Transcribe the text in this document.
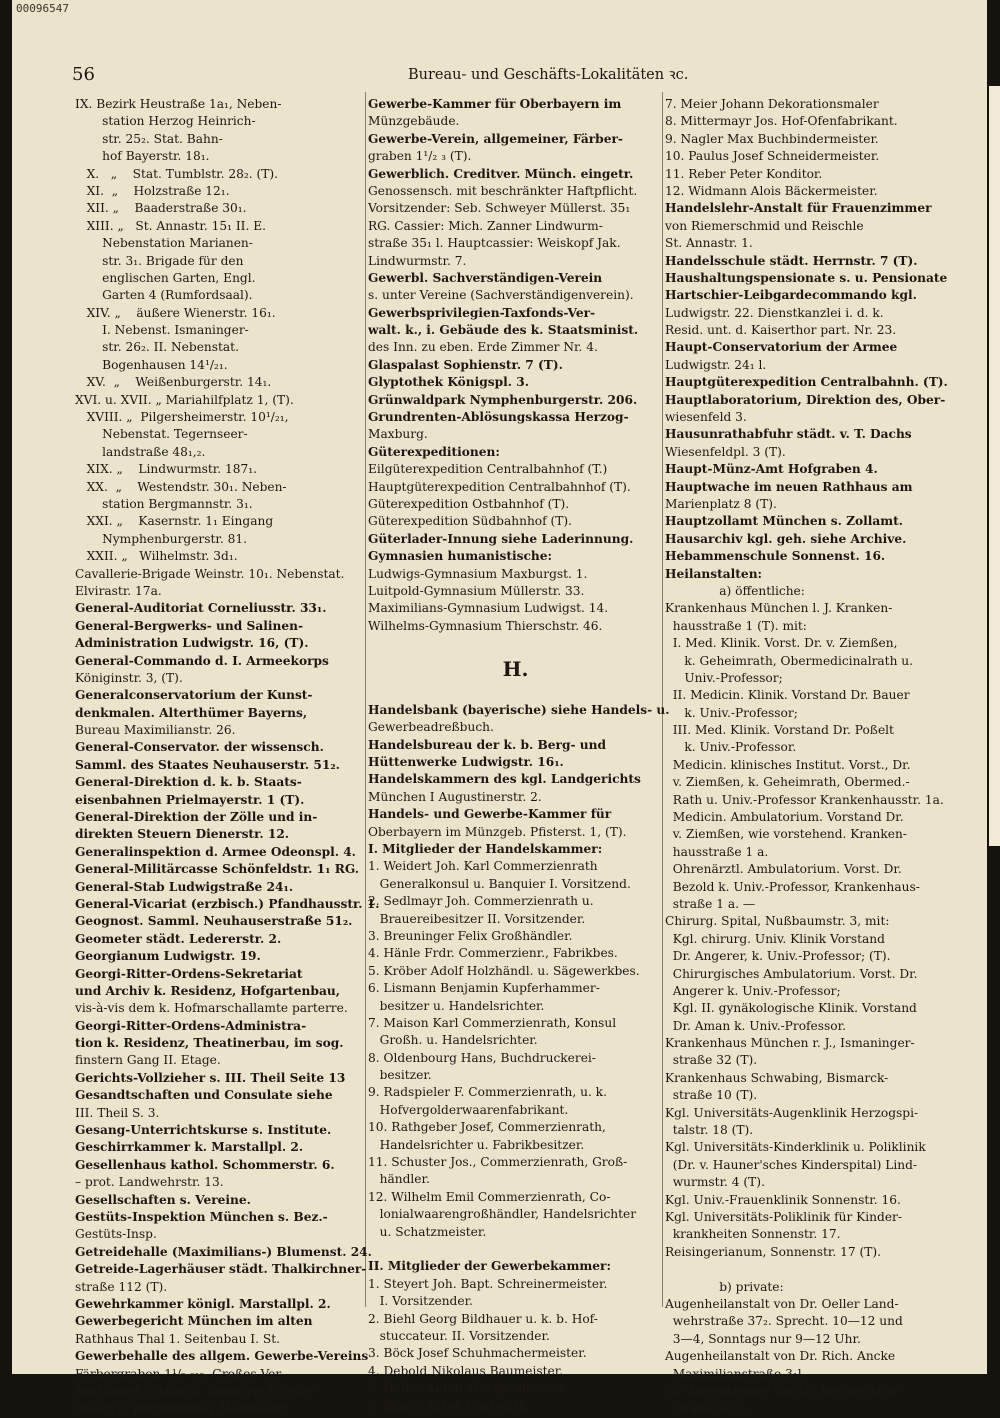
00096547
56	Bureau- und Geschäfts-Lokalitäten ꝛc.
IX. Bezirk Heustraße 1a₁, Neben-
station Herzog Heinrich-
str. 25₂. Stat. Bahn-
hof Bayerstr. 18₁.
X.   „    Stat. Tumblstr. 28₂. (T).
XI.  „    Holzstraße 12₁.
XII. „    Baaderstraße 30₁.
XIII. „   St. Annastr. 15₁ II. E.
Nebenstation Marianen-
str. 3₁. Brigade für den
englischen Garten, Engl.
Garten 4 (Rumfordsaal).
XIV. „    äußere Wienerstr. 16₁.
I. Nebenst. Ismaninger-
str. 26₂. II. Nebenstat.
Bogenhausen 14¹/₂₁.
XV.  „    Weißenburgerstr. 14₁.
XVI. u. XVII. „ Mariahilfplatz 1, (T).
XVIII. „  Pilgersheimerstr. 10¹/₂₁,
Nebenstat. Tegernseer-
landstraße 48₁,₂.
XIX. „    Lindwurmstr. 187₁.
XX.  „    Westendstr. 30₁. Neben-
station Bergmannstr. 3₁.
XXI. „    Kasernstr. 1₁ Eingang
Nymphenburgerstr. 81.
XXII. „   Wilhelmstr. 3d₁.
Cavallerie-Brigade Weinstr. 10₁. Nebenstat.
Elvirastr. 17a.
General-Auditoriat Corneliusstr. 33₁.
General-Bergwerks- und Salinen-
Administration Ludwigstr. 16, (T).
General-Commando d. I. Armeekorps
Königinstr. 3, (T).
Generalconservatorium der Kunst-
denkmalen. Alterthümer Bayerns,
Bureau Maximilianstr. 26.
General-Conservator. der wissensch.
Samml. des Staates Neuhauserstr. 51₂.
General-Direktion d. k. b. Staats-
eisenbahnen Prielmayerstr. 1 (T).
General-Direktion der Zölle und in-
direkten Steuern Dienerstr. 12.
Generalinspektion d. Armee Odeonspl. 4.
General-Militärcasse Schönfeldstr. 1₁ RG.
General-Stab Ludwigstraße 24₁.
General-Vicariat (erzbisch.) Pfandhausstr. 1.
Geognost. Samml. Neuhauserstraße 51₂.
Geometer städt. Ledererstr. 2.
Georgianum Ludwigstr. 19.
Georgi-Ritter-Ordens-Sekretariat
und Archiv k. Residenz, Hofgartenbau,
vis-à-vis dem k. Hofmarschallamte parterre.
Georgi-Ritter-Ordens-Administra-
tion k. Residenz, Theatinerbau, im sog.
finstern Gang II. Etage.
Gerichts-Vollzieher s. III. Theil Seite 13
Gesandtschaften und Consulate siehe
III. Theil S. 3.
Gesang-Unterrichtskurse s. Institute.
Geschirrkammer k. Marstallpl. 2.
Gesellenhaus kathol. Schommerstr. 6.
– prot. Landwehrstr. 13.
Gesellschaften s. Vereine.
Gestüts-Inspektion München s. Bez.-
Gestüts-Insp.
Getreidehalle (Maximilians-) Blumenst. 24.
Getreide-Lagerhäuser städt. Thalkirchner-
straße 112 (T).
Gewehrkammer königl. Marstallpl. 2.
Gewerbegericht München im alten
Rathhaus Thal 1. Seitenbau I. St.
Gewerbehalle des allgem. Gewerbe-Vereins
Färbergraben 1¹/₂ ₀₁₂. Großes Ver-
kaufslager v. Münch. Industrie-Erzeug-
nissen u. permanentes Möbellager.
Gewerbe-Kammer für Oberbayern im
Münzgebäude.
Gewerbe-Verein, allgemeiner, Färber-
graben 1¹/₂ ₃ (T).
Gewerblich. Creditver. Münch. eingetr.
Genossensch. mit beschränkter Haftpflicht.
Vorsitzender: Seb. Schweyer Müllerst. 35₁
RG. Cassier: Mich. Zanner Lindwurm-
straße 35₁ l. Hauptcassier: Weiskopf Jak.
Lindwurmstr. 7.
Gewerbl. Sachverständigen-Verein
s. unter Vereine (Sachverständigenverein).
Gewerbsprivilegien-Taxfonds-Ver-
walt. k., i. Gebäude des k. Staatsminist.
des Inn. zu eben. Erde Zimmer Nr. 4.
Glaspalast Sophienstr. 7 (T).
Glyptothek Königspl. 3.
Grünwaldpark Nymphenburgerstr. 206.
Grundrenten-Ablösungskassa Herzog-
Maxburg.
Güterexpeditionen:
Eilgüterexpedition Centralbahnhof (T.)
Hauptgüterexpedition Centralbahnhof (T).
Güterexpedition Ostbahnhof (T).
Güterexpedition Südbahnhof (T).
Güterlader-Innung siehe Laderinnung.
Gymnasien humanistische:
Ludwigs-Gymnasium Maxburgst. 1.
Luitpold-Gymnasium Müllerstr. 33.
Maximilians-Gymnasium Ludwigst. 14.
Wilhelms-Gymnasium Thierschstr. 46.
H.
Handelsbank (bayerische) siehe Handels- u.
Gewerbeadreßbuch.
Handelsbureau der k. b. Berg- und
Hüttenwerke Ludwigstr. 16₁.
Handelskammern des kgl. Landgerichts
München I Augustinerstr. 2.
Handels- und Gewerbe-Kammer für
Oberbayern im Münzgeb. Pfisterst. 1, (T).
I. Mitglieder der Handelskammer:
1. Weidert Joh. Karl Commerzienrath
Generalkonsul u. Banquier I. Vorsitzend.
2. Sedlmayr Joh. Commerzienrath u.
Brauereibesitzer II. Vorsitzender.
3. Breuninger Felix Großhändler.
4. Hänle Frdr. Commerzienr., Fabrikbes.
5. Kröber Adolf Holzhändl. u. Sägewerkbes.
6. Lismann Benjamin Kupferhammer-
besitzer u. Handelsrichter.
7. Maison Karl Commerzienrath, Konsul
Großh. u. Handelsrichter.
8. Oldenbourg Hans, Buchdruckerei-
besitzer.
9. Radspieler F. Commerzienrath, u. k.
Hofvergolderwaarenfabrikant.
10. Rathgeber Josef, Commerzienrath,
Handelsrichter u. Fabrikbesitzer.
11. Schuster Jos., Commerzienrath, Groß-
händler.
12. Wilhelm Emil Commerzienrath, Co-
lonialwaarengroßhändler, Handelsrichter
u. Schatzmeister.
II. Mitglieder der Gewerbekammer:
1. Steyert Joh. Bapt. Schreinermeister.
I. Vorsitzender.
2. Biehl Georg Bildhauer u. k. b. Hof-
stuccateur. II. Vorsitzender.
3. Böck Josef Schuhmachermeister.
4. Debold Nikolaus Baumeister.
5. Heiler Anton Metzgermeister.
6. Knaus Anton Gastwirth.
7. Meier Johann Dekorationsmaler
8. Mittermayr Jos. Hof-Ofenfabrikant.
9. Nagler Max Buchbindermeister.
10. Paulus Josef Schneidermeister.
11. Reber Peter Konditor.
12. Widmann Alois Bäckermeister.
Handelslehr-Anstalt für Frauenzimmer
von Riemerschmid und Reischle
St. Annastr. 1.
Handelsschule städt. Herrnstr. 7 (T).
Haushaltungspensionate s. u. Pensionate
Hartschier-Leibgardecommando kgl.
Ludwigstr. 22. Dienstkanzlei i. d. k.
Resid. unt. d. Kaiserthor part. Nr. 23.
Haupt-Conservatorium der Armee
Ludwigstr. 24₁ l.
Hauptgüterexpedition Centralbahnh. (T).
Hauptlaboratorium, Direktion des, Ober-
wiesenfeld 3.
Hausunrathabfuhr städt. v. T. Dachs
Wiesenfeldpl. 3 (T).
Haupt-Münz-Amt Hofgraben 4.
Hauptwache im neuen Rathhaus am
Marienplatz 8 (T).
Hauptzollamt München s. Zollamt.
Hausarchiv kgl. geh. siehe Archive.
Hebammenschule Sonnenst. 16.
Heilanstalten:
a) öffentliche:
Krankenhaus München l. J. Kranken-
hausstraße 1 (T). mit:
I. Med. Klinik. Vorst. Dr. v. Ziemßen,
k. Geheimrath, Obermedicinalrath u.
Univ.-Professor;
II. Medicin. Klinik. Vorstand Dr. Bauer
k. Univ.-Professor;
III. Med. Klinik. Vorstand Dr. Poßelt
k. Univ.-Professor.
Medicin. klinisches Institut. Vorst., Dr.
v. Ziemßen, k. Geheimrath, Obermed.-
Rath u. Univ.-Professor Krankenhausstr. 1a.
Medicin. Ambulatorium. Vorstand Dr.
v. Ziemßen, wie vorstehend. Kranken-
hausstraße 1 a.
Ohrenärztl. Ambulatorium. Vorst. Dr.
Bezold k. Univ.-Professor, Krankenhaus-
straße 1 a. —
Chirurg. Spital, Nußbaumstr. 3, mit:
Kgl. chirurg. Univ. Klinik Vorstand
Dr. Angerer, k. Univ.-Professor; (T).
Chirurgisches Ambulatorium. Vorst. Dr.
Angerer k. Univ.-Professor;
Kgl. II. gynäkologische Klinik. Vorstand
Dr. Aman k. Univ.-Professor.
Krankenhaus München r. J., Ismaninger-
straße 32 (T).
Krankenhaus Schwabing, Bismarck-
straße 10 (T).
Kgl. Universitäts-Augenklinik Herzogspi-
talstr. 18 (T).
Kgl. Universitäts-Kinderklinik u. Poliklinik
(Dr. v. Hauner'sches Kinderspital) Lind-
wurmstr. 4 (T).
Kgl. Univ.-Frauenklinik Sonnenstr. 16.
Kgl. Universitäts-Poliklinik für Kinder-
krankheiten Sonnenstr. 17.
Reisingerianum, Sonnenstr. 17 (T).
b) private:
Augenheilanstalt von Dr. Oeller Land-
wehrstraße 37₂. Sprecht. 10—12 und
3—4, Sonntags nur 9—12 Uhr.
Augenheilanstalt von Dr. Rich. Ancke
Maximilianstraße 3₁l.
für Augenkranke von Dr. Berger Arco-
straße 8₀ u. ₁.
